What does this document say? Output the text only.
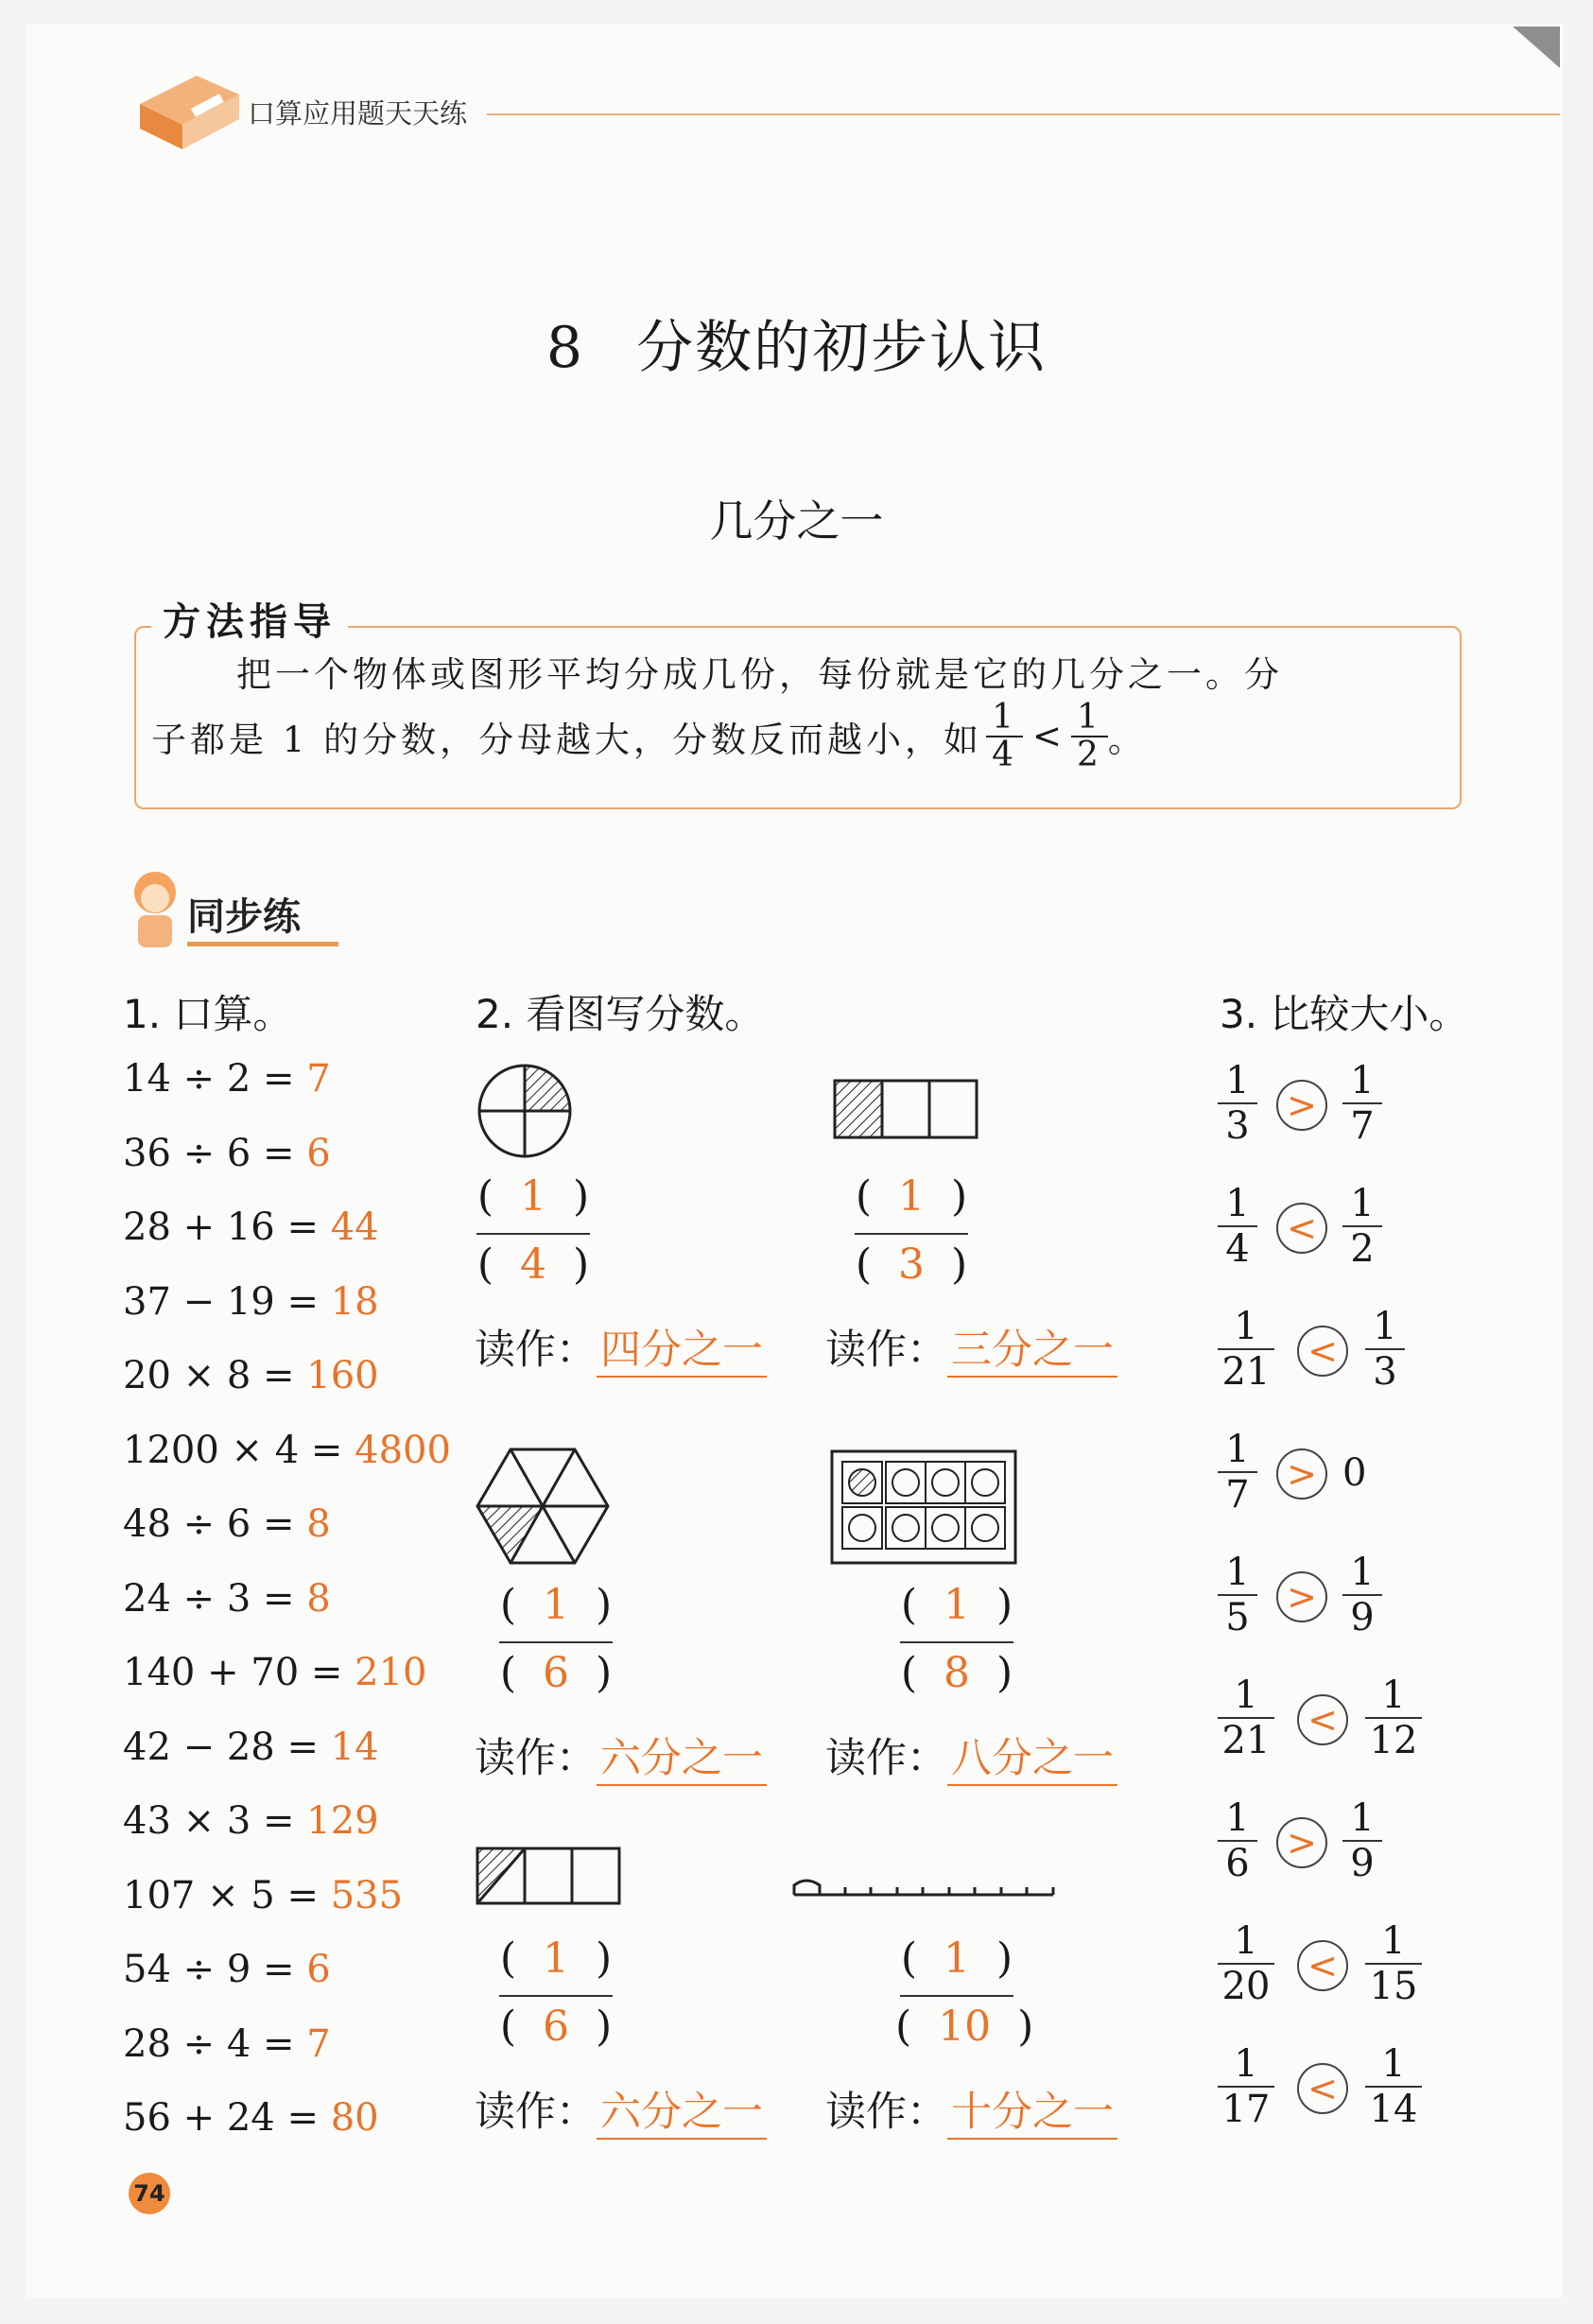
口算应用题天天练
8 分数的初步认识
几分之一
方法指导
把一个物体或图形平均分成几份，每份就是它的几分之一。分
子都是 1 的分数，分母越大，分数反而越小，如 $\frac{1}{4} < \frac{1}{2}$ 。
同步练
1. 口算。
14 ÷ 2 = 7
36 ÷ 6 = 6
28 + 16 = 44
37 − 19 = 18
20 × 8 = 160
1200 × 4 = 4800
48 ÷ 6 = 8
24 ÷ 3 = 8
140 + 70 = 210
42 − 28 = 14
43 × 3 = 129
107 × 5 = 535
54 ÷ 9 = 6
28 ÷ 4 = 7
56 + 24 = 80
2. 看图写分数。
(  1  )
(  4  )
读作：四分之一
(  1  )
(  3  )
读作：三分之一
(  1  )
(  6  )
读作：六分之一
(  1  )
(  8  )
读作：八分之一
(  1  )
(  6  )
读作：六分之一
(  1  )
(  10  )
读作：十分之一
3. 比较大小。
$\frac{1}{3} > \frac{1}{7}$
$\frac{1}{4} < \frac{1}{2}$
$\frac{1}{21} < \frac{1}{3}$
$\frac{1}{7} > 0$
$\frac{1}{5} > \frac{1}{9}$
$\frac{1}{21} < \frac{1}{12}$
$\frac{1}{6} > \frac{1}{9}$
$\frac{1}{20} < \frac{1}{15}$
$\frac{1}{17} < \frac{1}{14}$
74
